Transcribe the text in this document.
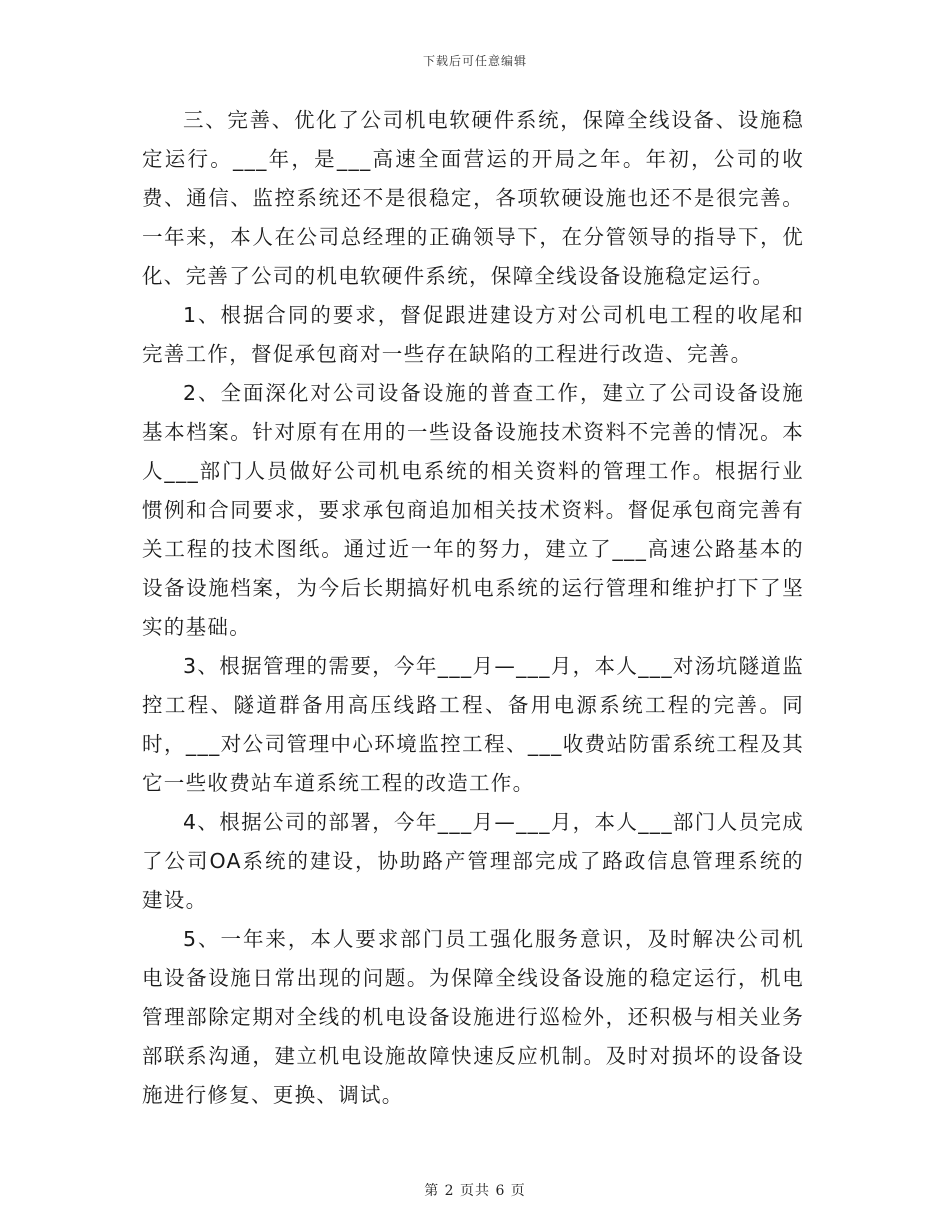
下载后可任意编辑

三、完善、优化了公司机电软硬件系统，保障全线设备、设施稳定运行。___年，是___高速全面营运的开局之年。年初，公司的收费、通信、监控系统还不是很稳定，各项软硬设施也还不是很完善。一年来，本人在公司总经理的正确领导下，在分管领导的指导下，优化、完善了公司的机电软硬件系统，保障全线设备设施稳定运行。

1、根据合同的要求，督促跟进建设方对公司机电工程的收尾和完善工作，督促承包商对一些存在缺陷的工程进行改造、完善。

2、全面深化对公司设备设施的普查工作，建立了公司设备设施基本档案。针对原有在用的一些设备设施技术资料不完善的情况。本人___部门人员做好公司机电系统的相关资料的管理工作。根据行业惯例和合同要求，要求承包商追加相关技术资料。督促承包商完善有关工程的技术图纸。通过近一年的努力，建立了___高速公路基本的设备设施档案，为今后长期搞好机电系统的运行管理和维护打下了坚实的基础。

3、根据管理的需要，今年___月—___月，本人___对汤坑隧道监控工程、隧道群备用高压线路工程、备用电源系统工程的完善。同时，___对公司管理中心环境监控工程、___收费站防雷系统工程及其它一些收费站车道系统工程的改造工作。

4、根据公司的部署，今年___月—___月，本人___部门人员完成了公司OA系统的建设，协助路产管理部完成了路政信息管理系统的建设。

5、一年来，本人要求部门员工强化服务意识，及时解决公司机电设备设施日常出现的问题。为保障全线设备设施的稳定运行，机电管理部除定期对全线的机电设备设施进行巡检外，还积极与相关业务部联系沟通，建立机电设施故障快速反应机制。及时对损坏的设备设施进行修复、更换、调试。

第 2 页共 6 页
